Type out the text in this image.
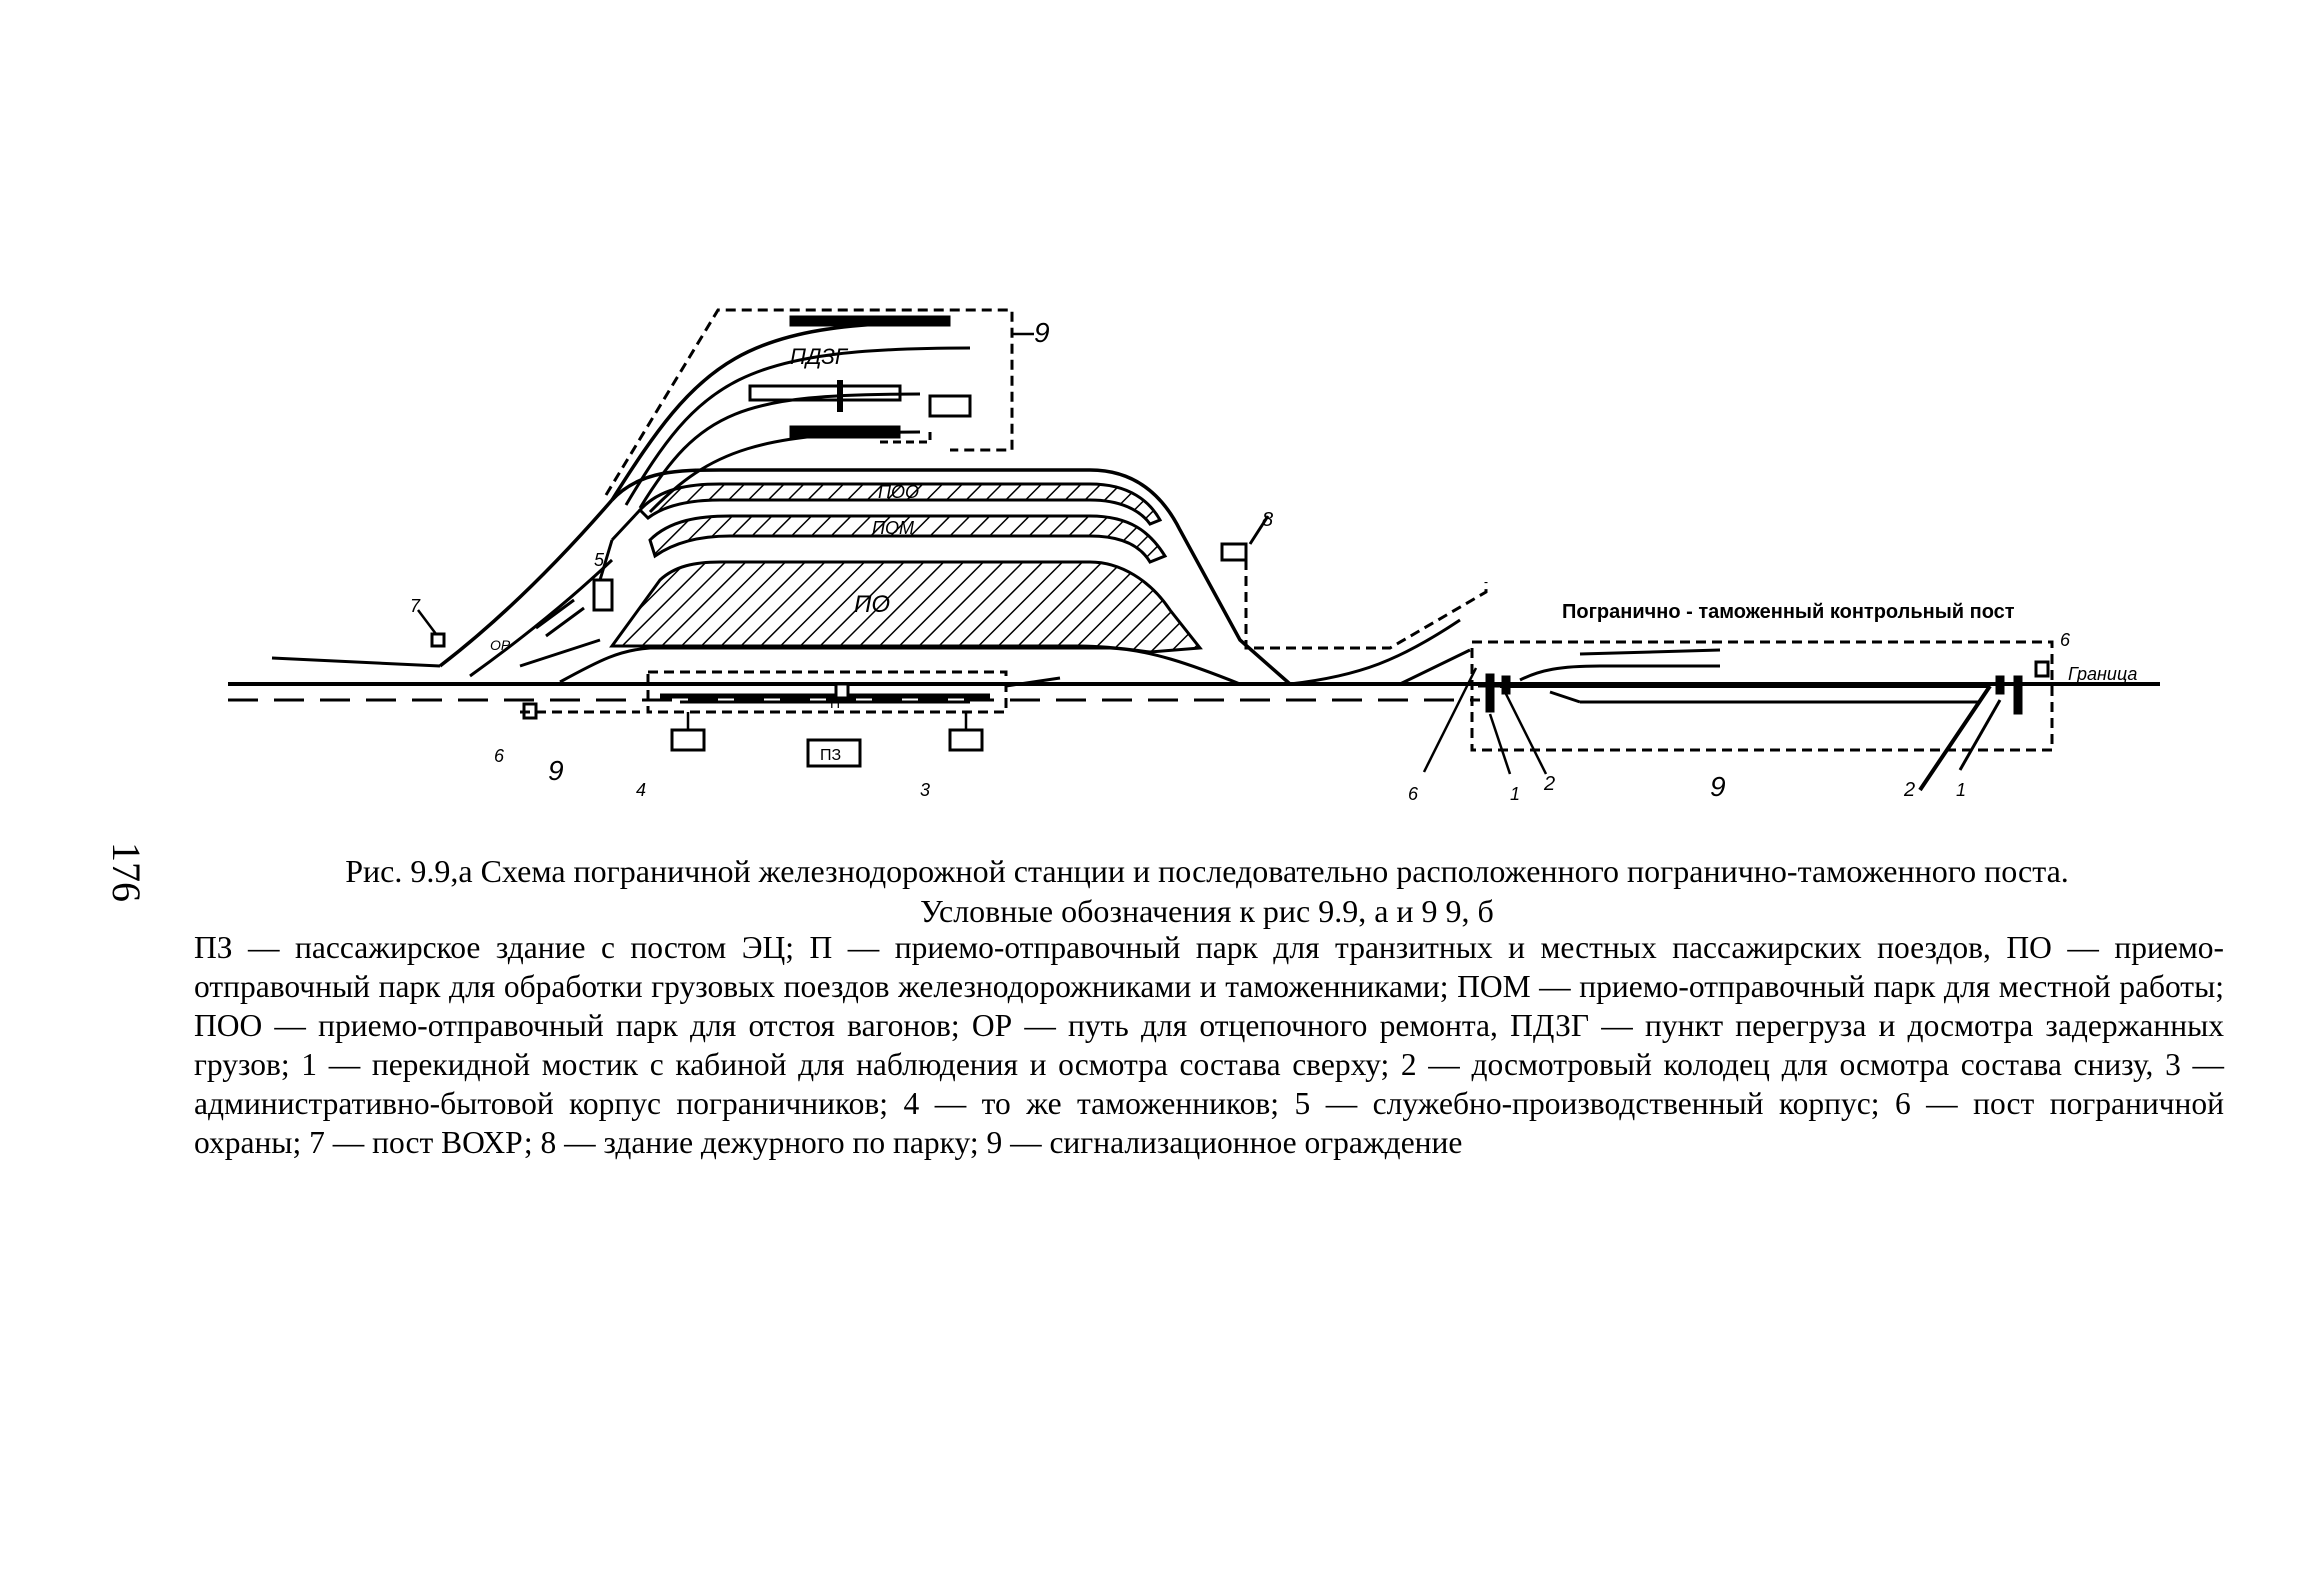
ПДЗГ
ПОО
ПОМ
ПО
П
ПЗ
ОР
Погранично - таможенный контрольный пост
Граница
9
8
7
5
6 9
4	3	6	1 2	9	2 1
6
176	Рис. 9.9,а Схема пограничной железнодорожной станции и последовательно расположенного погранично-таможенного поста.

Условные обозначения к рис 9.9, а и 9 9, б

ПЗ — пассажирское здание с постом ЭЦ; П — приемо-отправочный парк для транзитных и местных пассажирских поездов, ПО — приемо-отправочный парк для обработки грузовых поездов железнодорожниками и таможенниками; ПОМ — приемо-отправочный парк для местной работы; ПОО — приемо-отправочный парк для отстоя вагонов; ОР — путь для отцепочного ремонта, ПДЗГ — пункт перегруза и досмотра задержанных грузов; 1 — перекидной мостик с кабиной для наблюдения и осмотра состава сверху; 2 — досмотровый колодец для осмотра состава снизу, 3 — административно-бытовой корпус пограничников; 4 — то же таможенников; 5 — служебно-производственный корпус; 6 — пост пограничной охраны; 7 — пост ВОХР; 8 — здание дежурного по парку; 9 — сигнализационное ограждение
